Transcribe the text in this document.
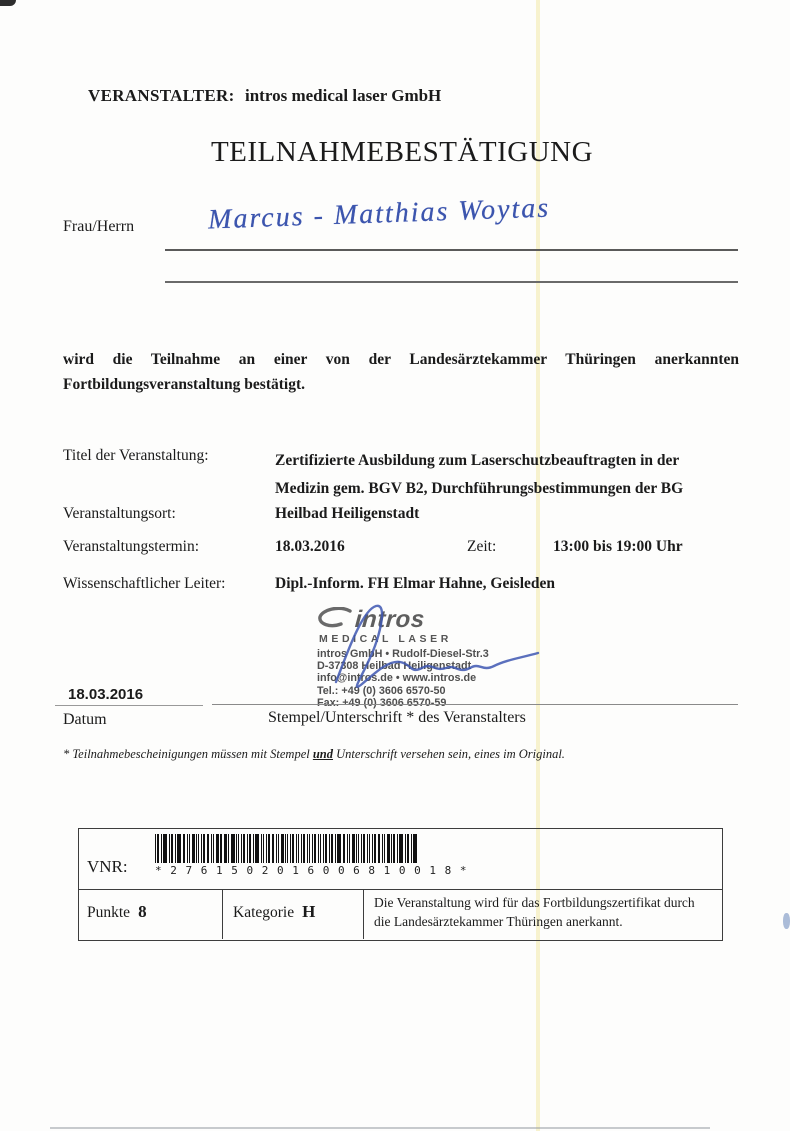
VERANSTALTER: intros medical laser GmbH
TEILNAHMEBESTÄTIGUNG
Frau/Herrn	Marcus - Matthias Woytas
wird die Teilnahme an einer von der Landesärztekammer Thüringen anerkannten Fortbildungsveranstaltung bestätigt.
Titel der Veranstaltung:	Zertifizierte Ausbildung zum Laserschutzbeauftragten in der
Medizin gem. BGV B2, Durchführungsbestimmungen der BG
Veranstaltungsort:	Heilbad Heiligenstadt
Veranstaltungstermin:	18.03.2016	Zeit:	13:00 bis 19:00 Uhr
Wissenschaftlicher Leiter:	Dipl.-Inform. FH Elmar Hahne, Geisleden
intros
MEDICAL LASER
intros GmbH • Rudolf-Diesel-Str.3
D-37308 Heilbad Heiligenstadt
info@intros.de • www.intros.de
Tel.: +49 (0) 3606 6570-50
Fax: +49 (0) 3606 6570-59
18.03.2016
Datum	Stempel/Unterschrift * des Veranstalters
* Teilnahmebescheinigungen müssen mit Stempel und Unterschrift versehen sein, eines im Original.
VNR: * 2 7 6 1 5 0 2 0 1 6 0 0 6 8 1 0 0 1 8 *
Punkte 8	Kategorie H	Die Veranstaltung wird für das Fortbildungszertifikat durch die Landesärztekammer Thüringen anerkannt.
